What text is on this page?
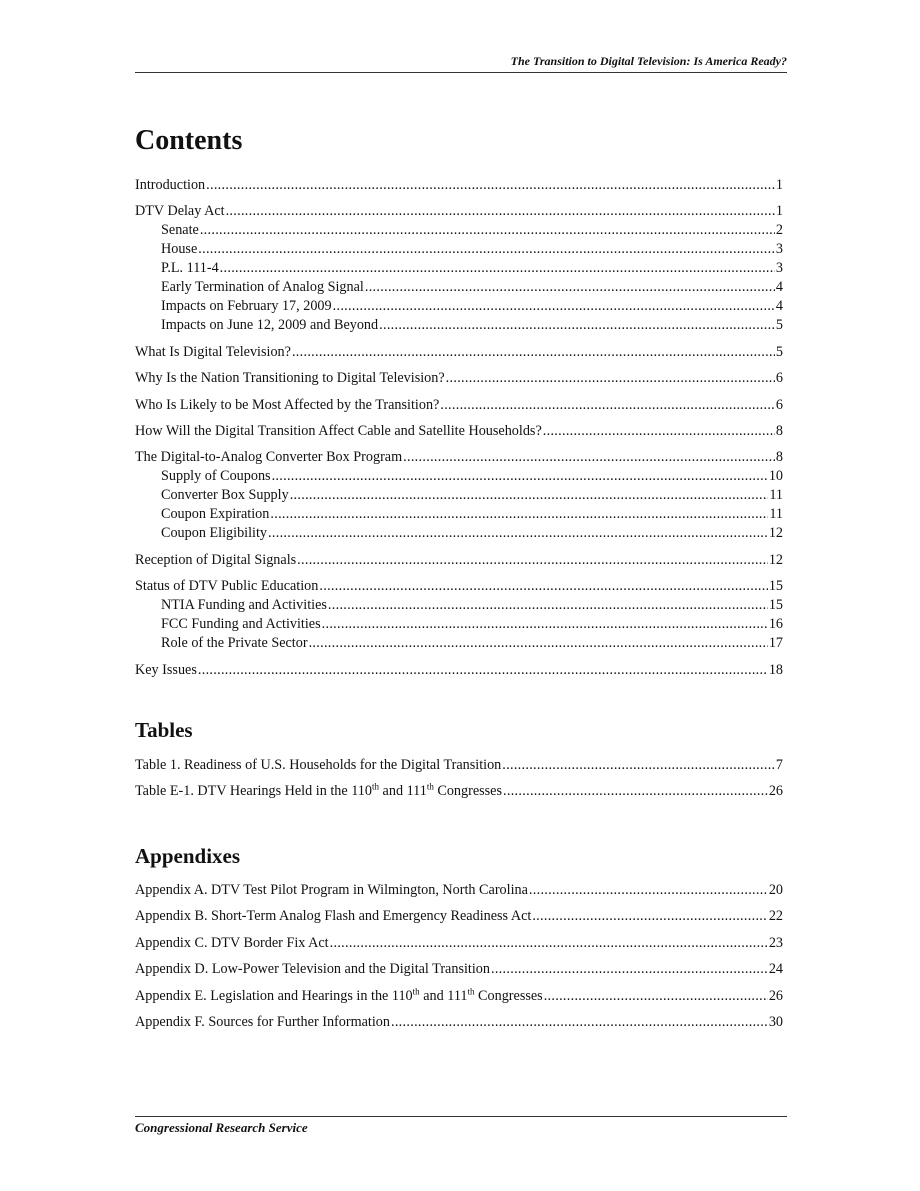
The Transition to Digital Television: Is America Ready?
Contents
Introduction .....	1
DTV Delay Act .....	1
Senate .....	2
House .....	3
P.L. 111-4 .....	3
Early Termination of Analog Signal .....	4
Impacts on February 17, 2009 .....	4
Impacts on June 12, 2009 and Beyond .....	5
What Is Digital Television? .....	5
Why Is the Nation Transitioning to Digital Television? .....	6
Who Is Likely to be Most Affected by the Transition? .....	6
How Will the Digital Transition Affect Cable and Satellite Households? .....	8
The Digital-to-Analog Converter Box Program .....	8
Supply of Coupons .....	10
Converter Box Supply .....	11
Coupon Expiration .....	11
Coupon Eligibility .....	12
Reception of Digital Signals .....	12
Status of DTV Public Education .....	15
NTIA Funding and Activities .....	15
FCC Funding and Activities .....	16
Role of the Private Sector .....	17
Key Issues .....	18
Tables
Table 1. Readiness of U.S. Households for the Digital Transition .....	7
Table E-1. DTV Hearings Held in the 110th and 111th Congresses .....	26
Appendixes
Appendix A. DTV Test Pilot Program in Wilmington, North Carolina .....	20
Appendix B. Short-Term Analog Flash and Emergency Readiness Act .....	22
Appendix C. DTV Border Fix Act .....	23
Appendix D. Low-Power Television and the Digital Transition .....	24
Appendix E. Legislation and Hearings in the 110th and 111th Congresses .....	26
Appendix F. Sources for Further Information .....	30
Congressional Research Service
